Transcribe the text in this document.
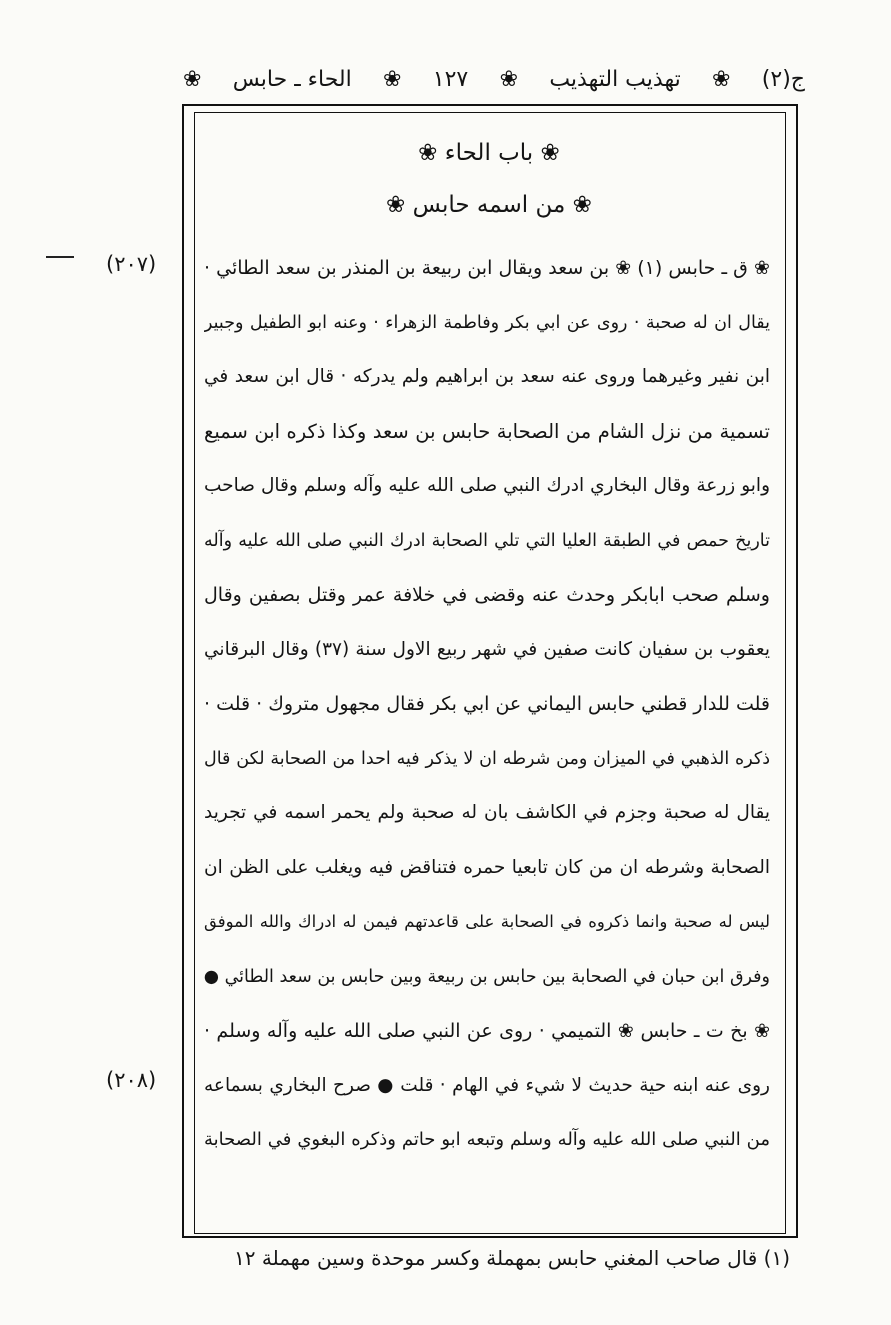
ج(٢)
❀
تهذيب التهذيب
❀
١٢٧
❀
الحاء ـ حابس
❀
❀ باب الحاء ❀
❀ من اسمه حابس ❀
(٢٠٧)
(٢٠٨)
❀ ق ـ حابس (١) ❀ بن سعد ويقال ابن ربيعة بن المنذر بن سعد الطائي ·
يقال ان له صحبة · روى عن ابي بكر وفاطمة الزهراء · وعنه ابو الطفيل وجبير
ابن نفير وغيرهما وروى عنه سعد بن ابراهيم ولم يدركه · قال ابن سعد في
تسمية من نزل الشام من الصحابة حابس بن سعد وكذا ذكره ابن سميع
وابو زرعة وقال البخاري ادرك النبي صلى الله عليه وآله وسلم وقال صاحب
تاريخ حمص في الطبقة العليا التي تلي الصحابة ادرك النبي صلى الله عليه وآله
وسلم صحب ابابكر وحدث عنه وقضى في خلافة عمر وقتل بصفين وقال
يعقوب بن سفيان كانت صفين في شهر ربيع الاول سنة (٣٧) وقال البرقاني
قلت للدار قطني حابس اليماني عن ابي بكر فقال مجهول متروك · قلت ·
ذكره الذهبي في الميزان ومن شرطه ان لا يذكر فيه احدا من الصحابة لكن قال
يقال له صحبة وجزم في الكاشف بان له صحبة ولم يحمر اسمه في تجريد
الصحابة وشرطه ان من كان تابعيا حمره فتناقض فيه ويغلب على الظن ان
ليس له صحبة وانما ذكروه في الصحابة على قاعدتهم فيمن له ادراك والله الموفق
وفرق ابن حبان في الصحابة بين حابس بن ربيعة وبين حابس بن سعد الطائي ●
❀ بخ ت ـ حابس ❀ التميمي · روى عن النبي صلى الله عليه وآله وسلم ·
روى عنه ابنه حية حديث لا شيء في الهام · قلت ● صرح البخاري بسماعه
من النبي صلى الله عليه وآله وسلم وتبعه ابو حاتم وذكره البغوي في الصحابة
(١) قال صاحب المغني حابس بمهملة وكسر موحدة وسين مهملة ١٢
